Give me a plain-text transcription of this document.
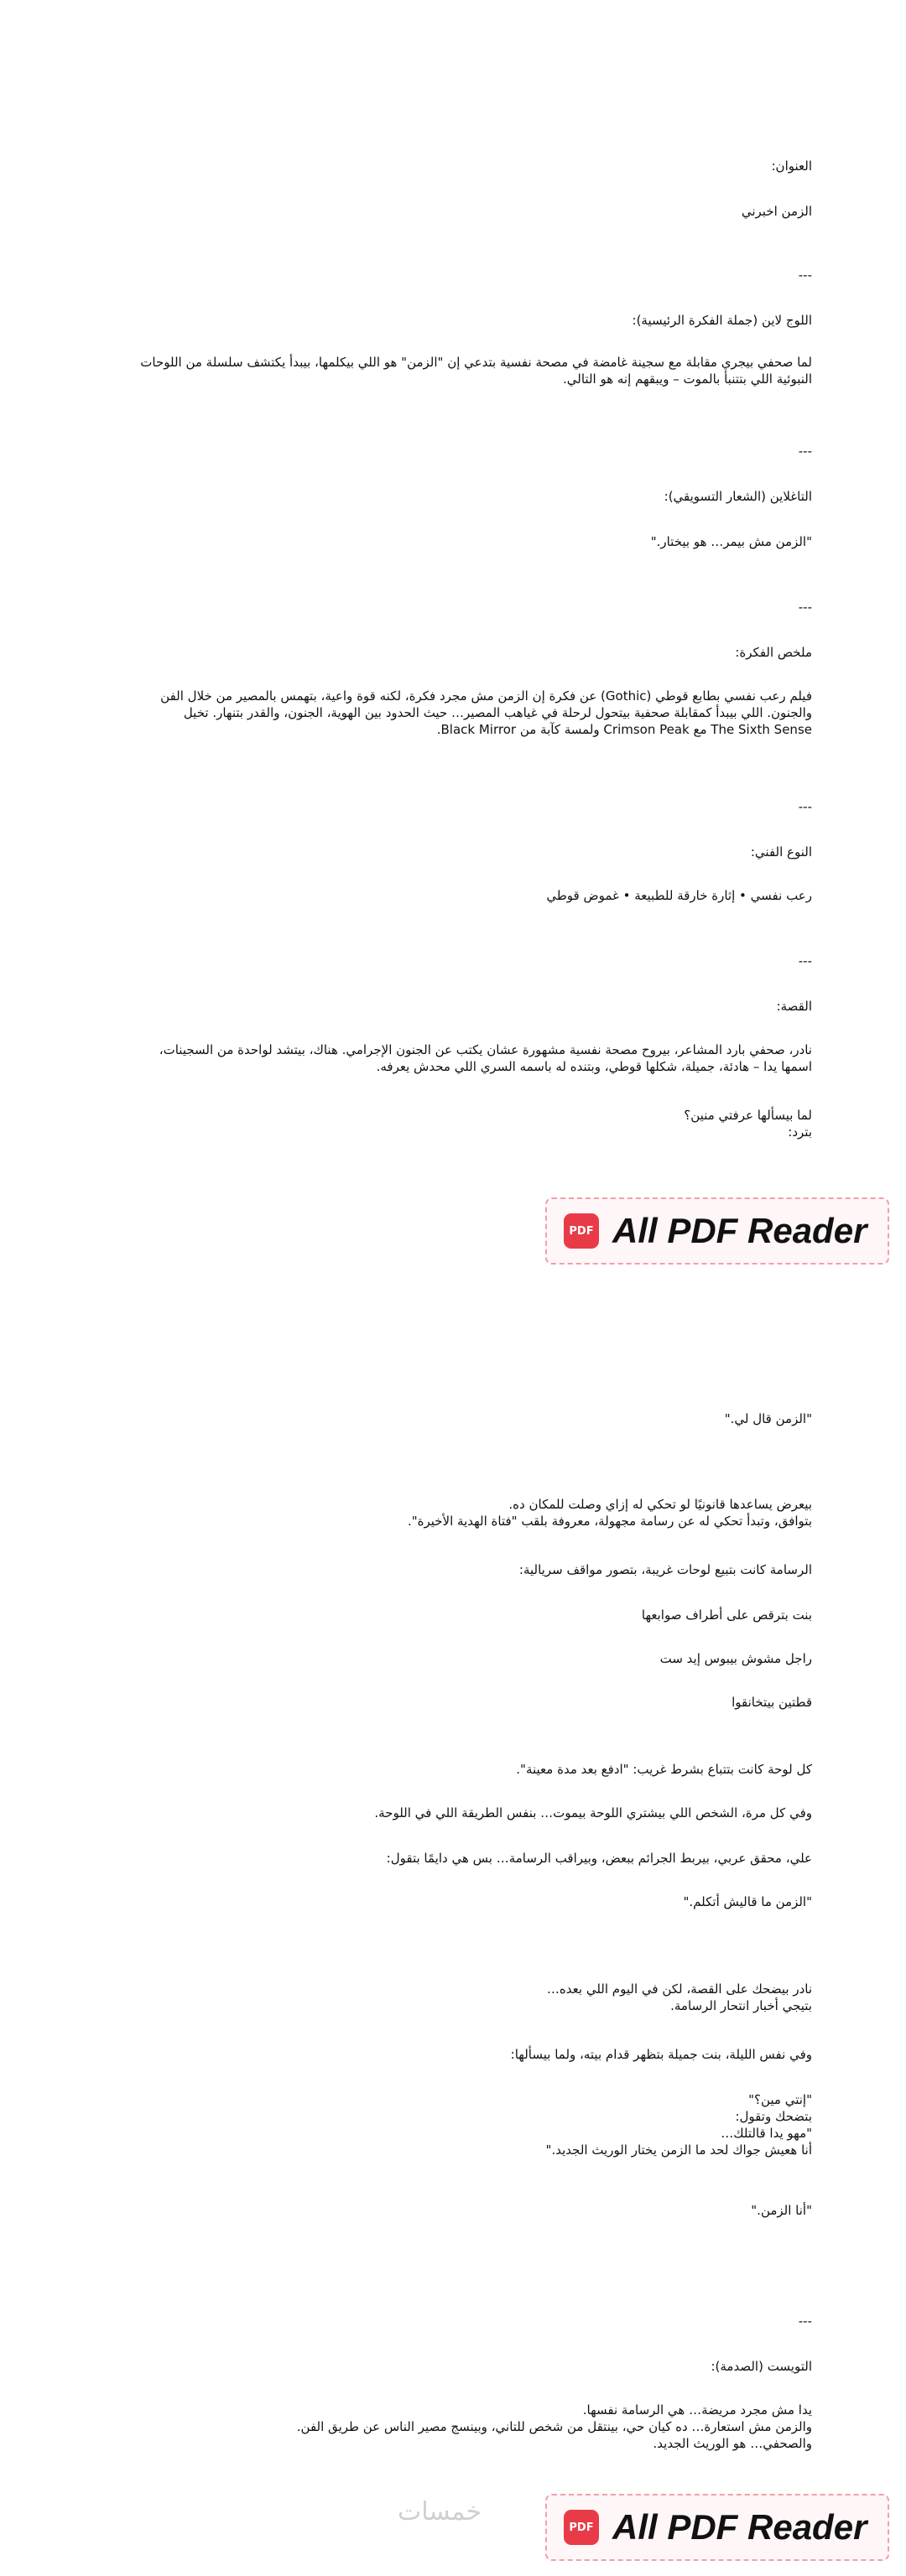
العنوان:

الزمن اخبرني

---

اللوج لاين (جملة الفكرة الرئيسية):

لما صحفي بيجري مقابلة مع سجينة غامضة في مصحة نفسية بتدعي إن "الزمن" هو اللي بيكلمها، بيبدأ يكتشف سلسلة من اللوحات
النبوئية اللي بتتنبأ بالموت – ويبقهم إنه هو التالي.

---

التاغلاين (الشعار التسويقي):

"الزمن مش بيمر… هو بيختار."

---

ملخص الفكرة:

فيلم رعب نفسي بطابع قوطي (Gothic) عن فكرة إن الزمن مش مجرد فكرة، لكنه قوة واعية، بتهمس بالمصير من خلال الفن
والجنون. اللي بيبدأ كمقابلة صحفية بيتحول لرحلة في غياهب المصير… حيث الحدود بين الهوية، الجنون، والقدر بتنهار. تخيل
The Sixth Sense مع Crimson Peak ولمسة كآبة من Black Mirror.

---

النوع الفني:

رعب نفسي • إثارة خارقة للطبيعة • غموض قوطي

---

القصة:

نادر، صحفي بارد المشاعر، بيروح مصحة نفسية مشهورة عشان يكتب عن الجنون الإجرامي. هناك، بيتشد لواحدة من السجينات،
اسمها يدا – هادئة، جميلة، شكلها قوطي، وبتنده له باسمه السري اللي محدش يعرفه.

لما بيسألها عرفتي منين؟
بترد:

PDF All PDF Reader

"الزمن قال لي."

بيعرض يساعدها قانونيًا لو تحكي له إزاي وصلت للمكان ده.
بتوافق، وتبدأ تحكي له عن رسامة مجهولة، معروفة بلقب "فتاة الهدية الأخيرة".

الرسامة كانت بتبيع لوحات غريبة، بتصور مواقف سريالية:

بنت بترقص على أطراف صوابعها

راجل مشوش بيبوس إيد ست

قطتين بيتخانقوا

كل لوحة كانت بتتباع بشرط غريب: "ادفع بعد مدة معينة".

وفي كل مرة، الشخص اللي بيشتري اللوحة بيموت… بنفس الطريقة اللي في اللوحة.

علي، محقق عربي، بيربط الجرائم ببعض، وبيراقب الرسامة… بس هي دايمًا بتقول:

"الزمن ما قاليش أتكلم."

نادر بيضحك على القصة، لكن في اليوم اللي بعده…
بتيجي أخبار انتحار الرسامة.

وفي نفس الليلة، بنت جميلة بتظهر قدام بيته، ولما بيسألها:

"إنتي مين؟"
بتضحك وتقول:
"مهو يدا قالتلك…
أنا هعيش جواك لحد ما الزمن يختار الوريث الجديد."

"أنا الزمن."

---

التويست (الصدمة):

يدا مش مجرد مريضة… هي الرسامة نفسها.
والزمن مش استعارة… ده كيان حي، بينتقل من شخص للتاني، وبينسج مصير الناس عن طريق الفن.
والصحفي… هو الوريث الجديد.

خمسات
PDF All PDF Reader
